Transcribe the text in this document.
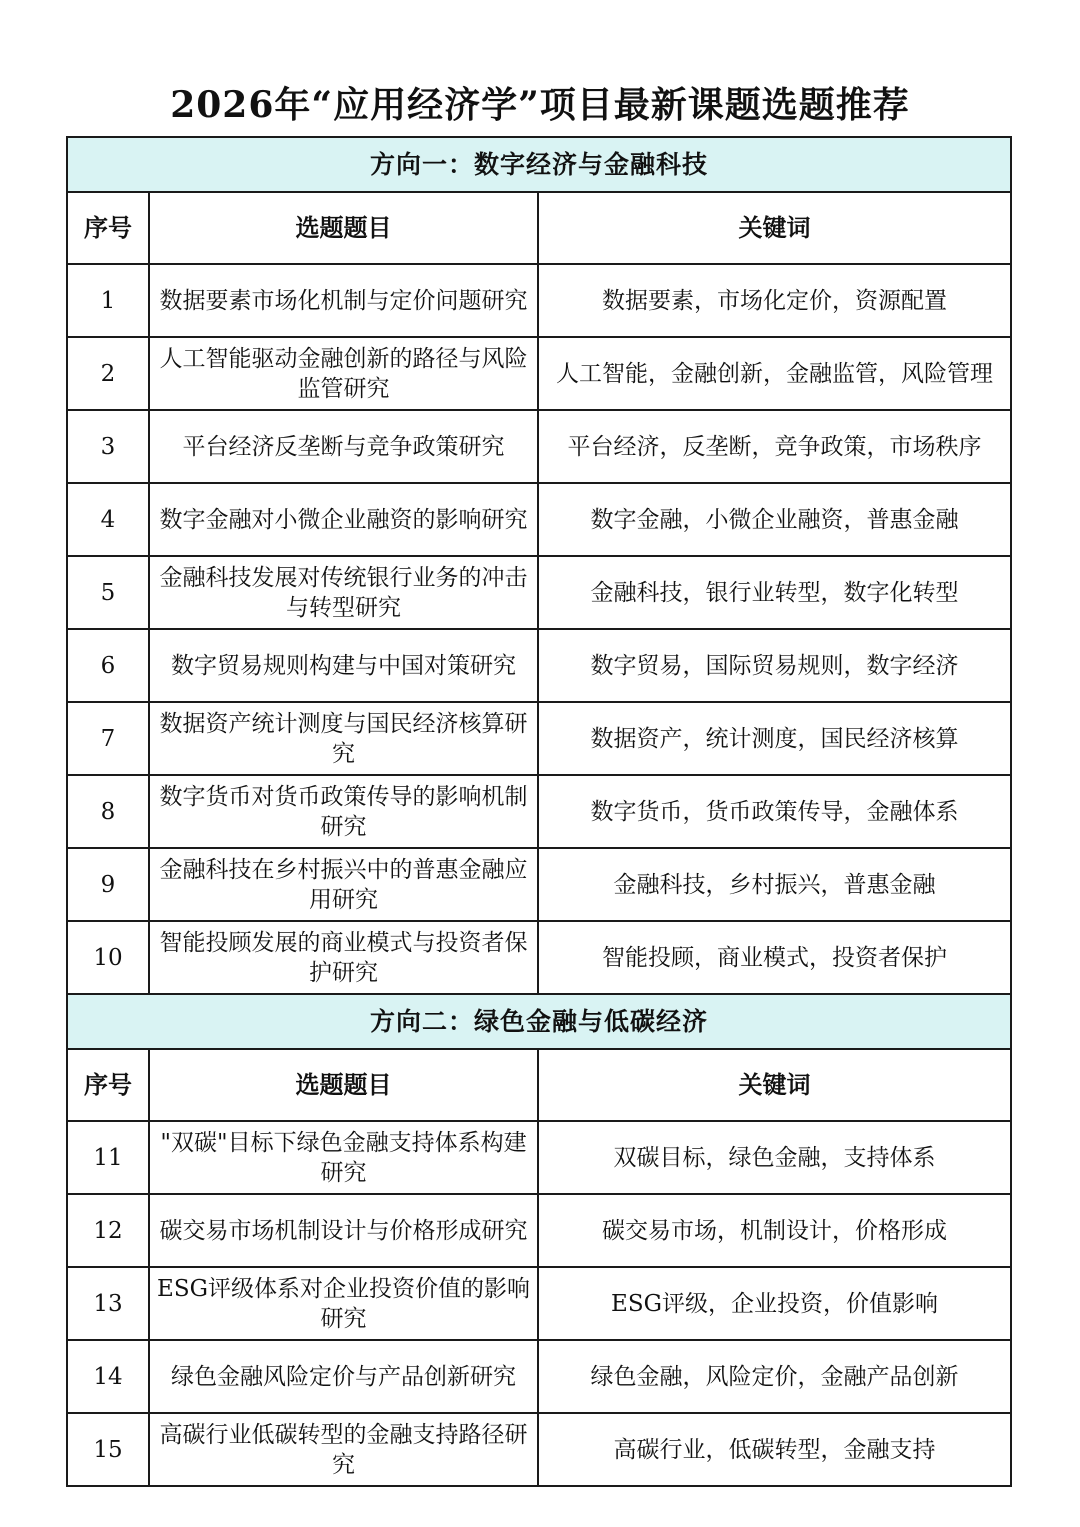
2026年“应用经济学”项目最新课题选题推荐
方向一：数字经济与金融科技		
序号	选题题目	关键词
1	数据要素市场化机制与定价问题研究	数据要素，市场化定价，资源配置
2	人工智能驱动金融创新的路径与风险监管研究	人工智能，金融创新，金融监管，风险管理
3	平台经济反垄断与竞争政策研究	平台经济，反垄断，竞争政策，市场秩序
4	数字金融对小微企业融资的影响研究	数字金融，小微企业融资，普惠金融
5	金融科技发展对传统银行业务的冲击与转型研究	金融科技，银行业转型，数字化转型
6	数字贸易规则构建与中国对策研究	数字贸易，国际贸易规则，数字经济
7	数据资产统计测度与国民经济核算研究	数据资产，统计测度，国民经济核算
8	数字货币对货币政策传导的影响机制研究	数字货币，货币政策传导，金融体系
9	金融科技在乡村振兴中的普惠金融应用研究	金融科技，乡村振兴，普惠金融
10	智能投顾发展的商业模式与投资者保护研究	智能投顾，商业模式，投资者保护
方向二：绿色金融与低碳经济		
序号	选题题目	关键词
11	"双碳"目标下绿色金融支持体系构建研究	双碳目标，绿色金融，支持体系
12	碳交易市场机制设计与价格形成研究	碳交易市场，机制设计，价格形成
13	ESG评级体系对企业投资价值的影响研究	ESG评级，企业投资，价值影响
14	绿色金融风险定价与产品创新研究	绿色金融，风险定价，金融产品创新
15	高碳行业低碳转型的金融支持路径研究	高碳行业，低碳转型，金融支持
